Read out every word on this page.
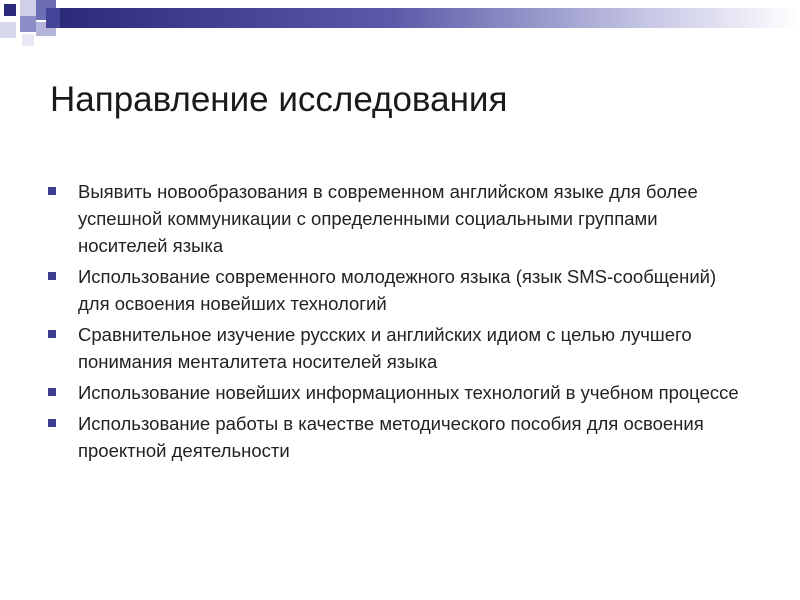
Направление исследования
Выявить новообразования в современном английском языке для более успешной коммуникации с определенными социальными группами носителей языка
Использование современного молодежного языка (язык SMS-сообщений) для освоения новейших технологий
Сравнительное изучение русских и английских идиом с целью лучшего понимания менталитета носителей языка
Использование новейших информационных технологий в учебном процессе
Использование работы в качестве методического пособия для освоения проектной деятельности
